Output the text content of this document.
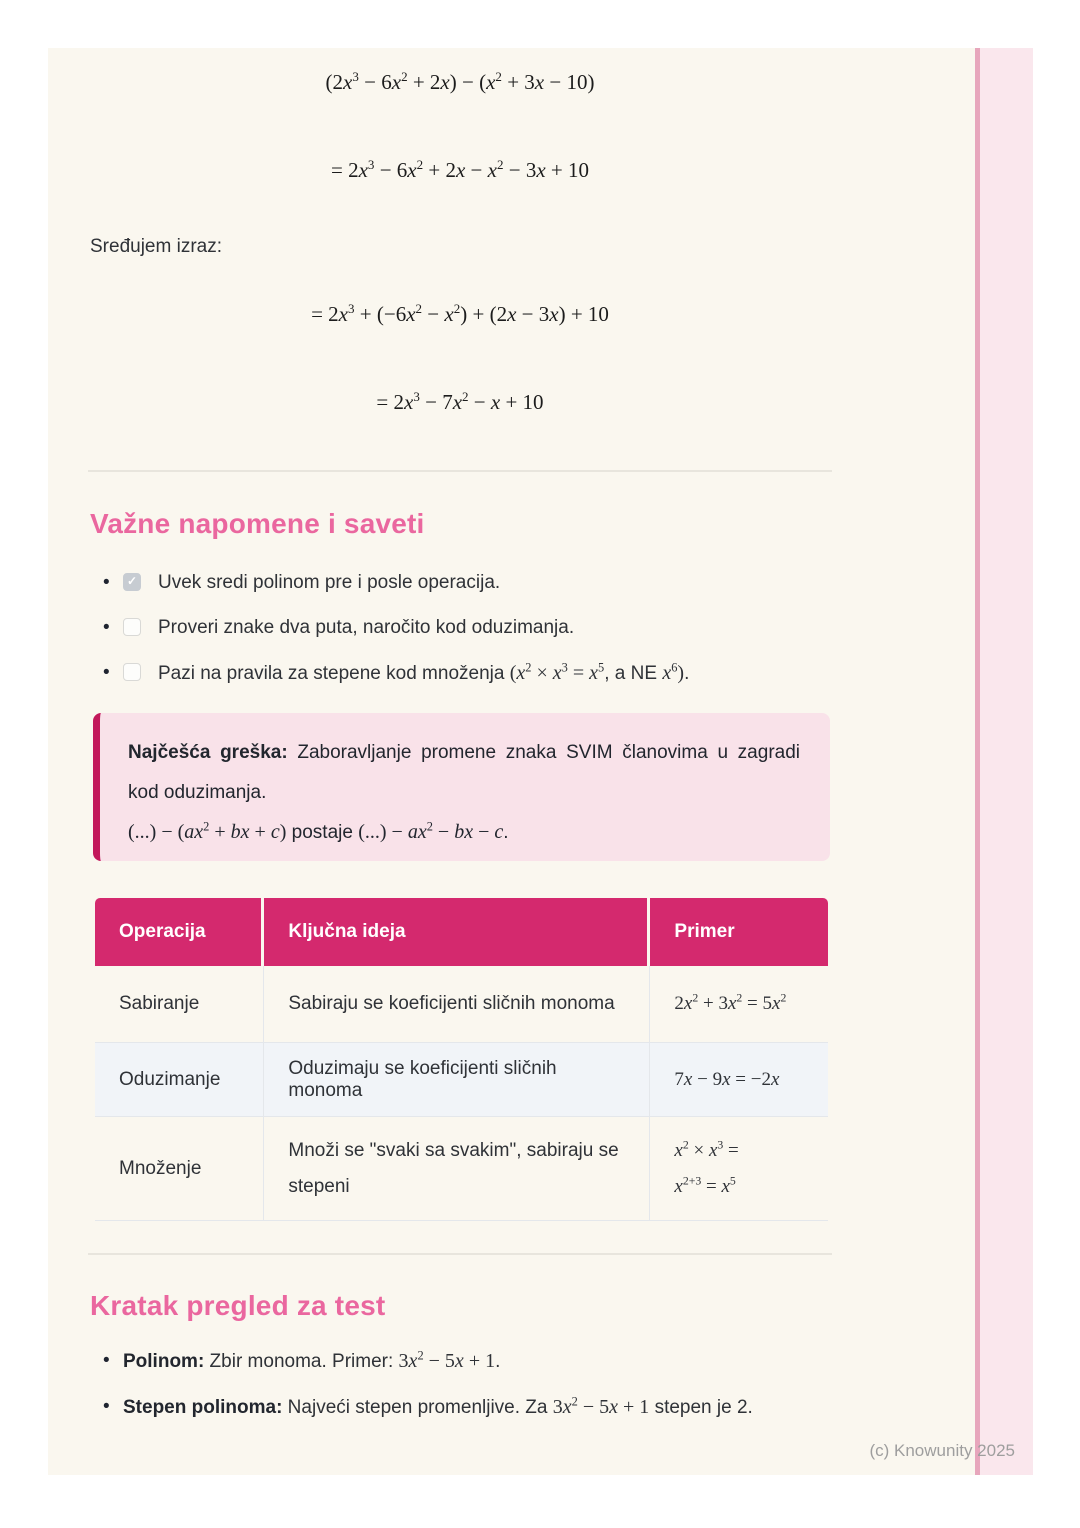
$(2x^3 - 6x^2 + 2x) - (x^2 + 3x - 10)$
= $2x^3 - 6x^2 + 2x - x^2 - 3x + 10$
Sređujem izraz:
= $2x^3 + (-6x^2 - x^2) + (2x - 3x) + 10$
= $2x^3 - 7x^2 - x + 10$
Važne napomene i saveti
•	✓ Uvek sredi polinom pre i posle operacija.
•	Proveri znake dva puta, naročito kod oduzimanja.
•	Pazi na pravila za stepene kod množenja ($x^2 \times x^3 = x^5$, a NE $x^6$).

Najčešća greška: Zaboravljanje promene znaka SVIM članovima u zagradi kod oduzimanja.

(...) − ($ax^2$ + bx + c) postaje (...) − $ax^2$ − bx − c.

Operacija	Ključna ideja	Primer
Sabiranje	Sabiraju se koeficijenti sličnih monoma	$2x^2 + 3x^2 = 5x^2$
Oduzimanje	Oduzimaju se koeficijenti sličnih monoma	7x − 9x = −2x
Množenje	Množi se "svaki sa svakim", sabiraju se stepeni	$x^2 \times x^3$ =
$x^{2+3} = x^5$
Kratak pregled za test
• Polinom: Zbir monoma. Primer: $3x^2 - 5x + 1$.
• Stepen polinoma: Najveći stepen promenljive. Za $3x^2 - 5x + 1$ stepen je 2.
(c) Knowunity 2025
